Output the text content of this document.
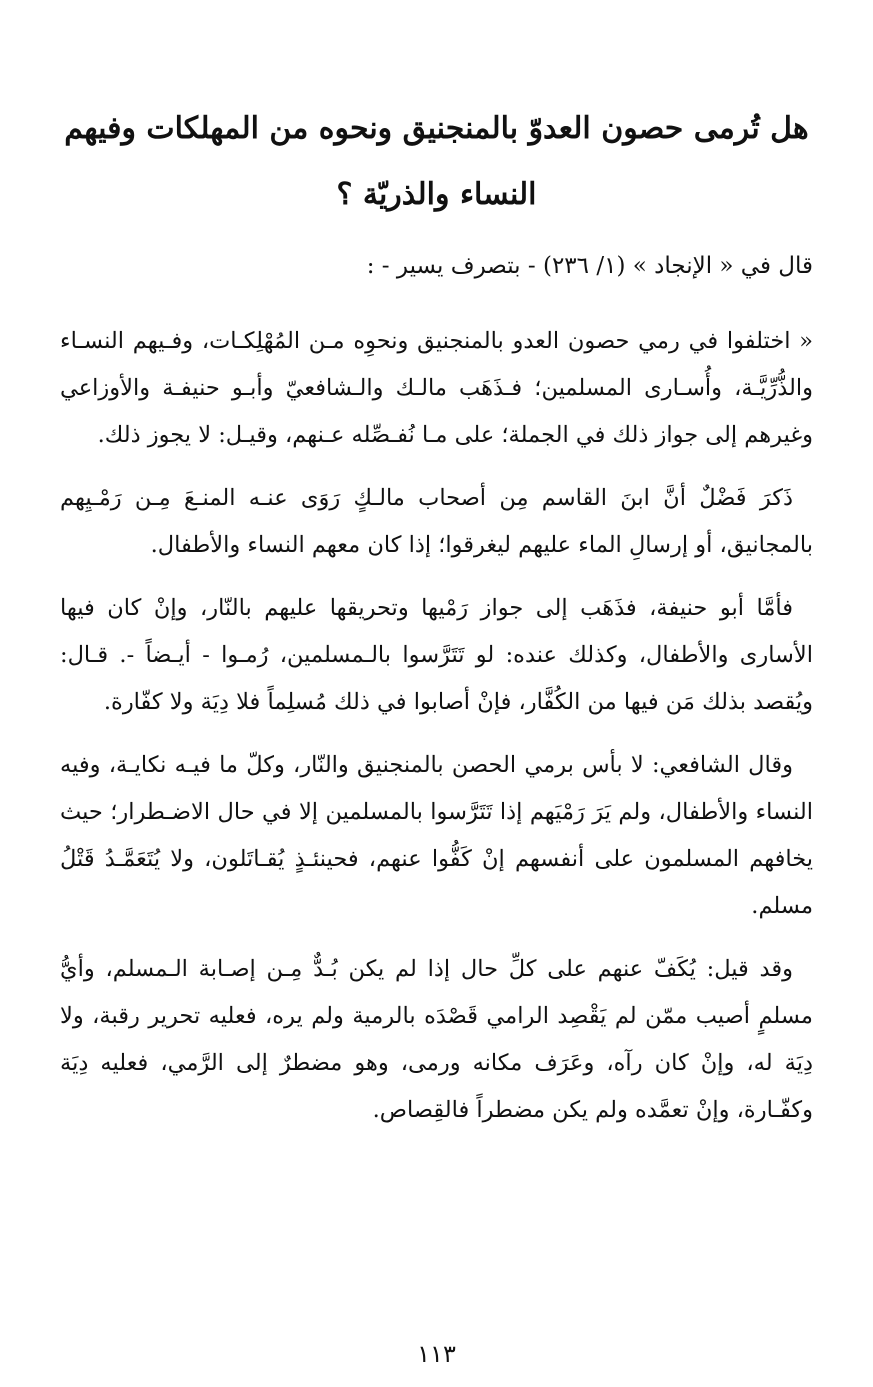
هل تُرمى حصون العدوّ بالمنجنيق ونحوه من المهلكات وفيهم النساء والذريّة ؟

قال في « الإنجاد » (١/ ٢٣٦) - بتصرف يسير - :

« اختلفوا في رمي حصون العدو بالمنجنيق ونحوِه مـن المُهْلِكـات، وفـيهم النسـاء والذُّرِّيَّـة، وأُسـارى المسلمين؛ فـذَهَب مالـك والـشافعيّ وأبـو حنيفـة والأوزاعي وغيرهم إلى جواز ذلك في الجملة؛ على مـا نُفـصِّله عـنهم، وقيـل: لا يجوز ذلك.

ذَكرَ فَضْلٌ أنَّ ابنَ القاسم مِن أصحاب مالـكٍ رَوَى عنـه المنـعَ مِـن رَمْـيِهم بالمجانيق، أو إرسالِ الماء عليهم ليغرقوا؛ إذا كان معهم النساء والأطفال.

فأمَّا أبو حنيفة، فذَهَب إلى جواز رَمْيها وتحريقها عليهم بالنّار، وإنْ كان فيها الأسارى والأطفال، وكذلك عنده: لو تَتَرَّسوا بالـمسلمين، رُمـوا - أيـضاً -. قـال: ويُقصد بذلك مَن فيها من الكُفَّار، فإنْ أصابوا في ذلك مُسلِماً فلا دِيَة ولا كفّارة.

وقال الشافعي: لا بأس برمي الحصن بالمنجنيق والنّار، وكلّ ما فيـه نكايـة، وفيه النساء والأطفال، ولم يَرَ رَمْيَهم إذا تَتَرَّسوا بالمسلمين إلا في حال الاضـطرار؛ حيث يخافهم المسلمون على أنفسهم إنْ كَفُّوا عنهم، فحينئـذٍ يُقـاتَلون، ولا يُتَعَمَّـدُ قَتْلُ مسلم.

وقد قيل: يُكَفّ عنهم على كلِّ حال إذا لم يكن بُـدٌّ مِـن إصـابة الـمسلم، وأيُّ مسلمٍ أصيب ممّن لم يَقْصِد الرامي قَصْدَه بالرمية ولم يره، فعليه تحرير رقبة، ولا دِيَة له، وإنْ كان رآه، وعَرَف مكانه ورمى، وهو مضطرٌ إلى الرَّمي، فعليه دِيَة وكفّـارة، وإنْ تعمَّده ولم يكن مضطراً فالقِصاص.

١١٣
